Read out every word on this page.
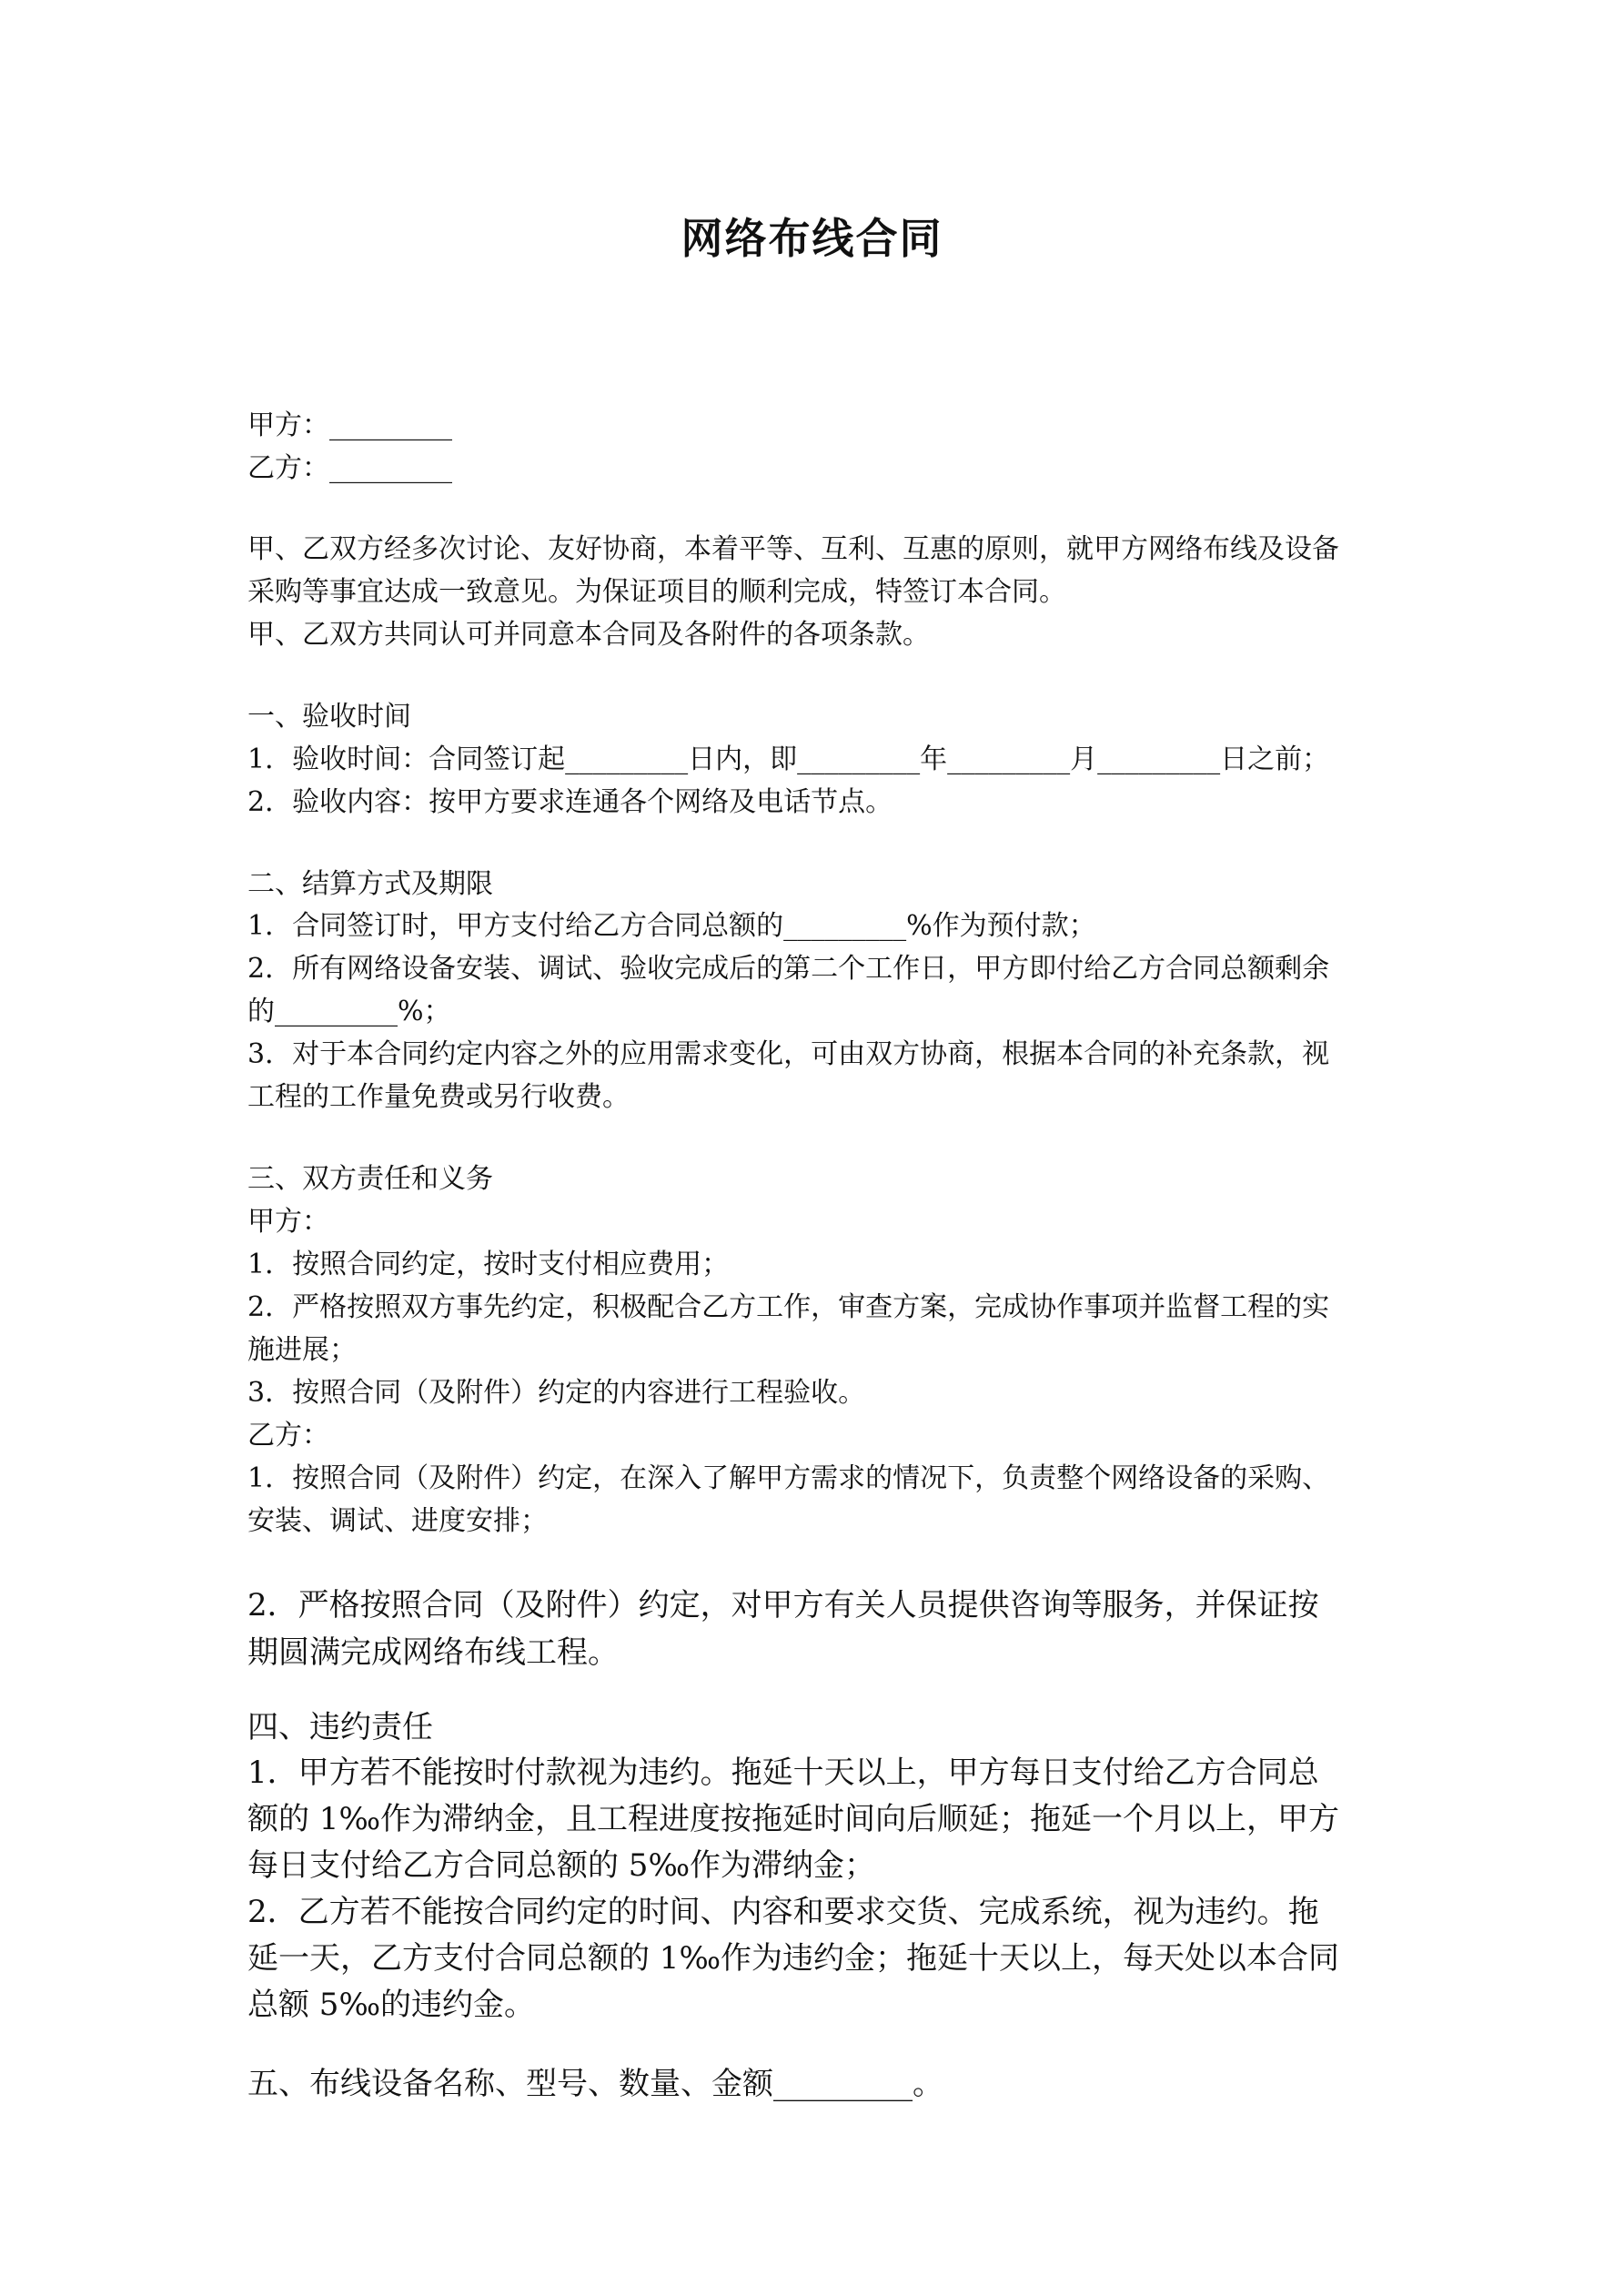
网络布线合同
甲方：_________
乙方：_________
甲、乙双方经多次讨论、友好协商，本着平等、互利、互惠的原则，就甲方网络布线及设备
采购等事宜达成一致意见。为保证项目的顺利完成，特签订本合同。
甲、乙双方共同认可并同意本合同及各附件的各项条款。
一、验收时间
1．验收时间：合同签订起_________日内，即_________年_________月_________日之前；
2．验收内容：按甲方要求连通各个网络及电话节点。
二、结算方式及期限
1．合同签订时，甲方支付给乙方合同总额的_________%作为预付款；
2．所有网络设备安装、调试、验收完成后的第二个工作日，甲方即付给乙方合同总额剩余
的_________%；
3．对于本合同约定内容之外的应用需求变化，可由双方协商，根据本合同的补充条款，视
工程的工作量免费或另行收费。
三、双方责任和义务
甲方：
1．按照合同约定，按时支付相应费用；
2．严格按照双方事先约定，积极配合乙方工作，审查方案，完成协作事项并监督工程的实
施进展；
3．按照合同（及附件）约定的内容进行工程验收。
乙方：
1．按照合同（及附件）约定，在深入了解甲方需求的情况下，负责整个网络设备的采购、
安装、调试、进度安排；
2．严格按照合同（及附件）约定，对甲方有关人员提供咨询等服务，并保证按
期圆满完成网络布线工程。
四、违约责任
1．甲方若不能按时付款视为违约。拖延十天以上，甲方每日支付给乙方合同总
额的 1‰作为滞纳金，且工程进度按拖延时间向后顺延；拖延一个月以上，甲方
每日支付给乙方合同总额的 5‰作为滞纳金；
2．乙方若不能按合同约定的时间、内容和要求交货、完成系统，视为违约。拖
延一天，乙方支付合同总额的 1‰作为违约金；拖延十天以上，每天处以本合同
总额 5‰的违约金。
五、布线设备名称、型号、数量、金额_________。
